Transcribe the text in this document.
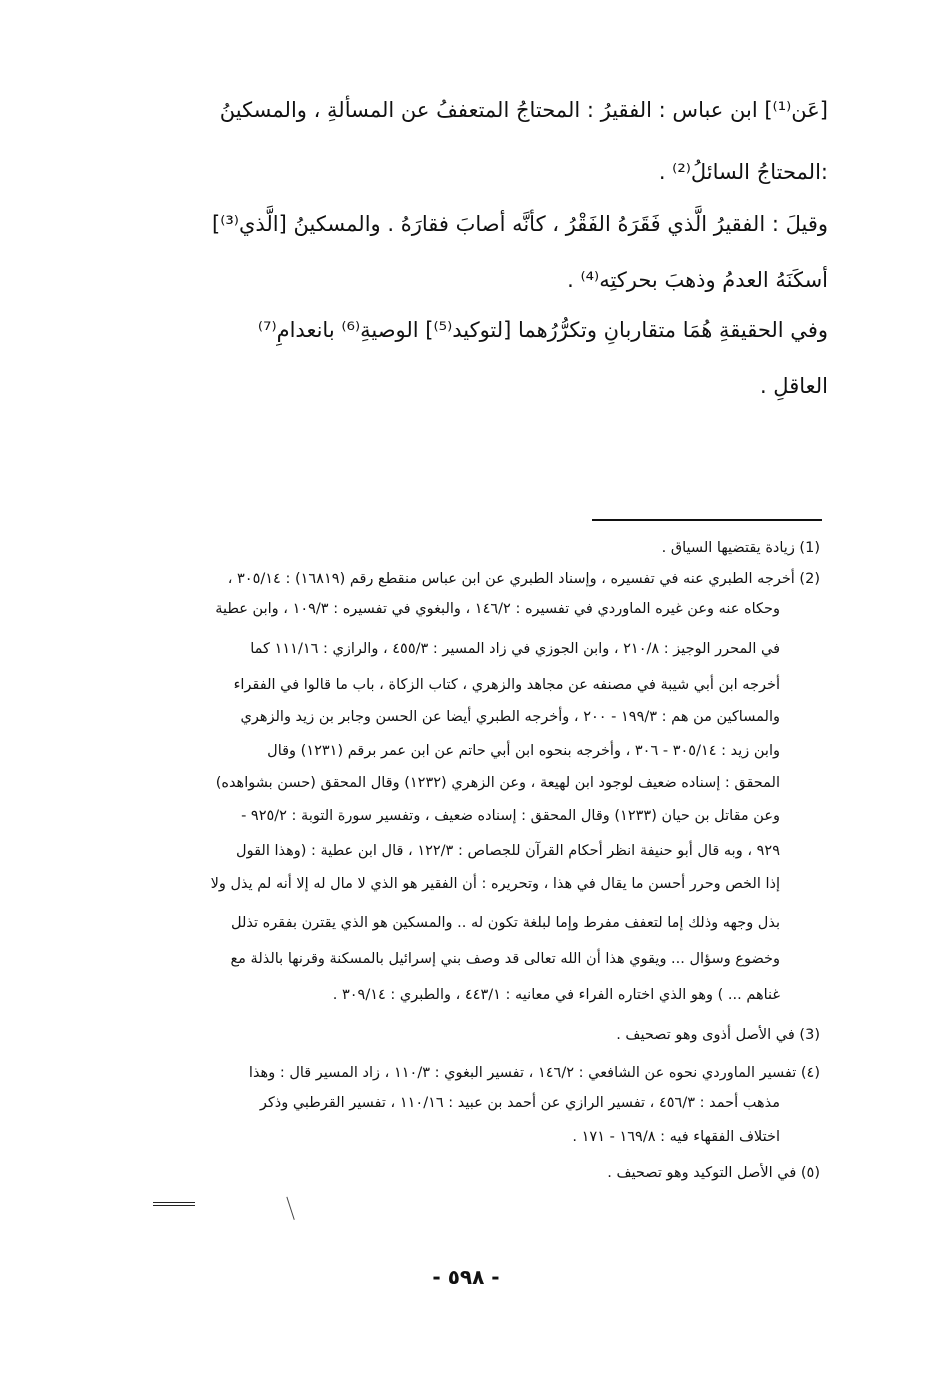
[عَن⁽¹⁾] ابن عباس : الفقيرُ : المحتاجُ المتعففُ عن المسألةِ ، والمسكينُ
:المحتاجُ السائلُ⁽²⁾ .
وقيلَ : الفقيرُ الَّذي فَقَرَهُ الفَقْرُ ، كأنَّه أصابَ فقارَهُ . والمسكينُ [الَّذي⁽³⁾]
أسكَنَهُ العدمُ وذهبَ بحركتِه⁽⁴⁾ .
وفي الحقيقةِ هُمَا متقاربانِ وتكرُّرُهما [لتوكيد⁽⁵⁾] الوصيةِ⁽⁶⁾ بانعدامِ⁽⁷⁾
العاقلِ .
(1) زيادة يقتضيها السياق .
(2) أخرجه الطبري عنه في تفسيره ، وإسناد الطبري عن ابن عباس منقطع رقم (١٦٨١٩) : ٣٠٥/١٤ ،
وحكاه عنه وعن غيره الماوردي في تفسيره : ١٤٦/٢ ، والبغوي في تفسيره : ١٠٩/٣ ، وابن عطية
في المحرر الوجيز : ٢١٠/٨ ، وابن الجوزي في زاد المسير : ٤٥٥/٣ ، والرازي : ١١١/١٦ كما
أخرجه ابن أبي شيبة في مصنفه عن مجاهد والزهري ، كتاب الزكاة ، باب ما قالوا في الفقراء
والمساكين من هم : ١٩٩/٣ - ٢٠٠ ، وأخرجه الطبري أيضا عن الحسن وجابر بن زيد والزهري
وابن زيد : ٣٠٥/١٤ - ٣٠٦ ، وأخرجه بنحوه ابن أبي حاتم عن ابن عمر برقم (١٢٣١) وقال
المحقق : إسناده ضعيف لوجود ابن لهيعة ، وعن الزهري (١٢٣٢) وقال المحقق (حسن بشواهده)
وعن مقاتل بن حيان (١٢٣٣) وقال المحقق : إسناده ضعيف ، وتفسير سورة التوبة : ٩٢٥/٢ -
٩٢٩ ، وبه قال أبو حنيفة انظر أحكام القرآن للجصاص : ١٢٢/٣ ، قال ابن عطية : (وهذا القول
إذا الخص وحرر أحسن ما يقال في هذا ، وتحريره : أن الفقير هو الذي لا مال له إلا أنه لم يذل ولا
بذل وجهه وذلك إما لتعفف مفرط وإما لبلغة تكون له .. والمسكين هو الذي يقترن بفقره تذلل
وخضوع وسؤال ... ويقوي هذا أن الله تعالى قد وصف بني إسرائيل بالمسكنة وقرنها بالذلة مع
غناهم ... ) وهو الذي اختاره الفراء في معانيه : ٤٤٣/١ ، والطبري : ٣٠٩/١٤ .
(3) في الأصل أذوى وهو تصحيف .
(٤) تفسير الماوردي نحوه عن الشافعي : ١٤٦/٢ ، تفسير البغوي : ١١٠/٣ ، زاد المسير قال : وهذا
مذهب أحمد : ٤٥٦/٣ ، تفسير الرازي عن أحمد بن عبيد : ١١٠/١٦ ، تفسير القرطبي وذكر
اختلاف الفقهاء فيه : ١٦٩/٨ - ١٧١ .
(٥) في الأصل التوكيد وهو تصحيف .
- ٥٩٨ -
